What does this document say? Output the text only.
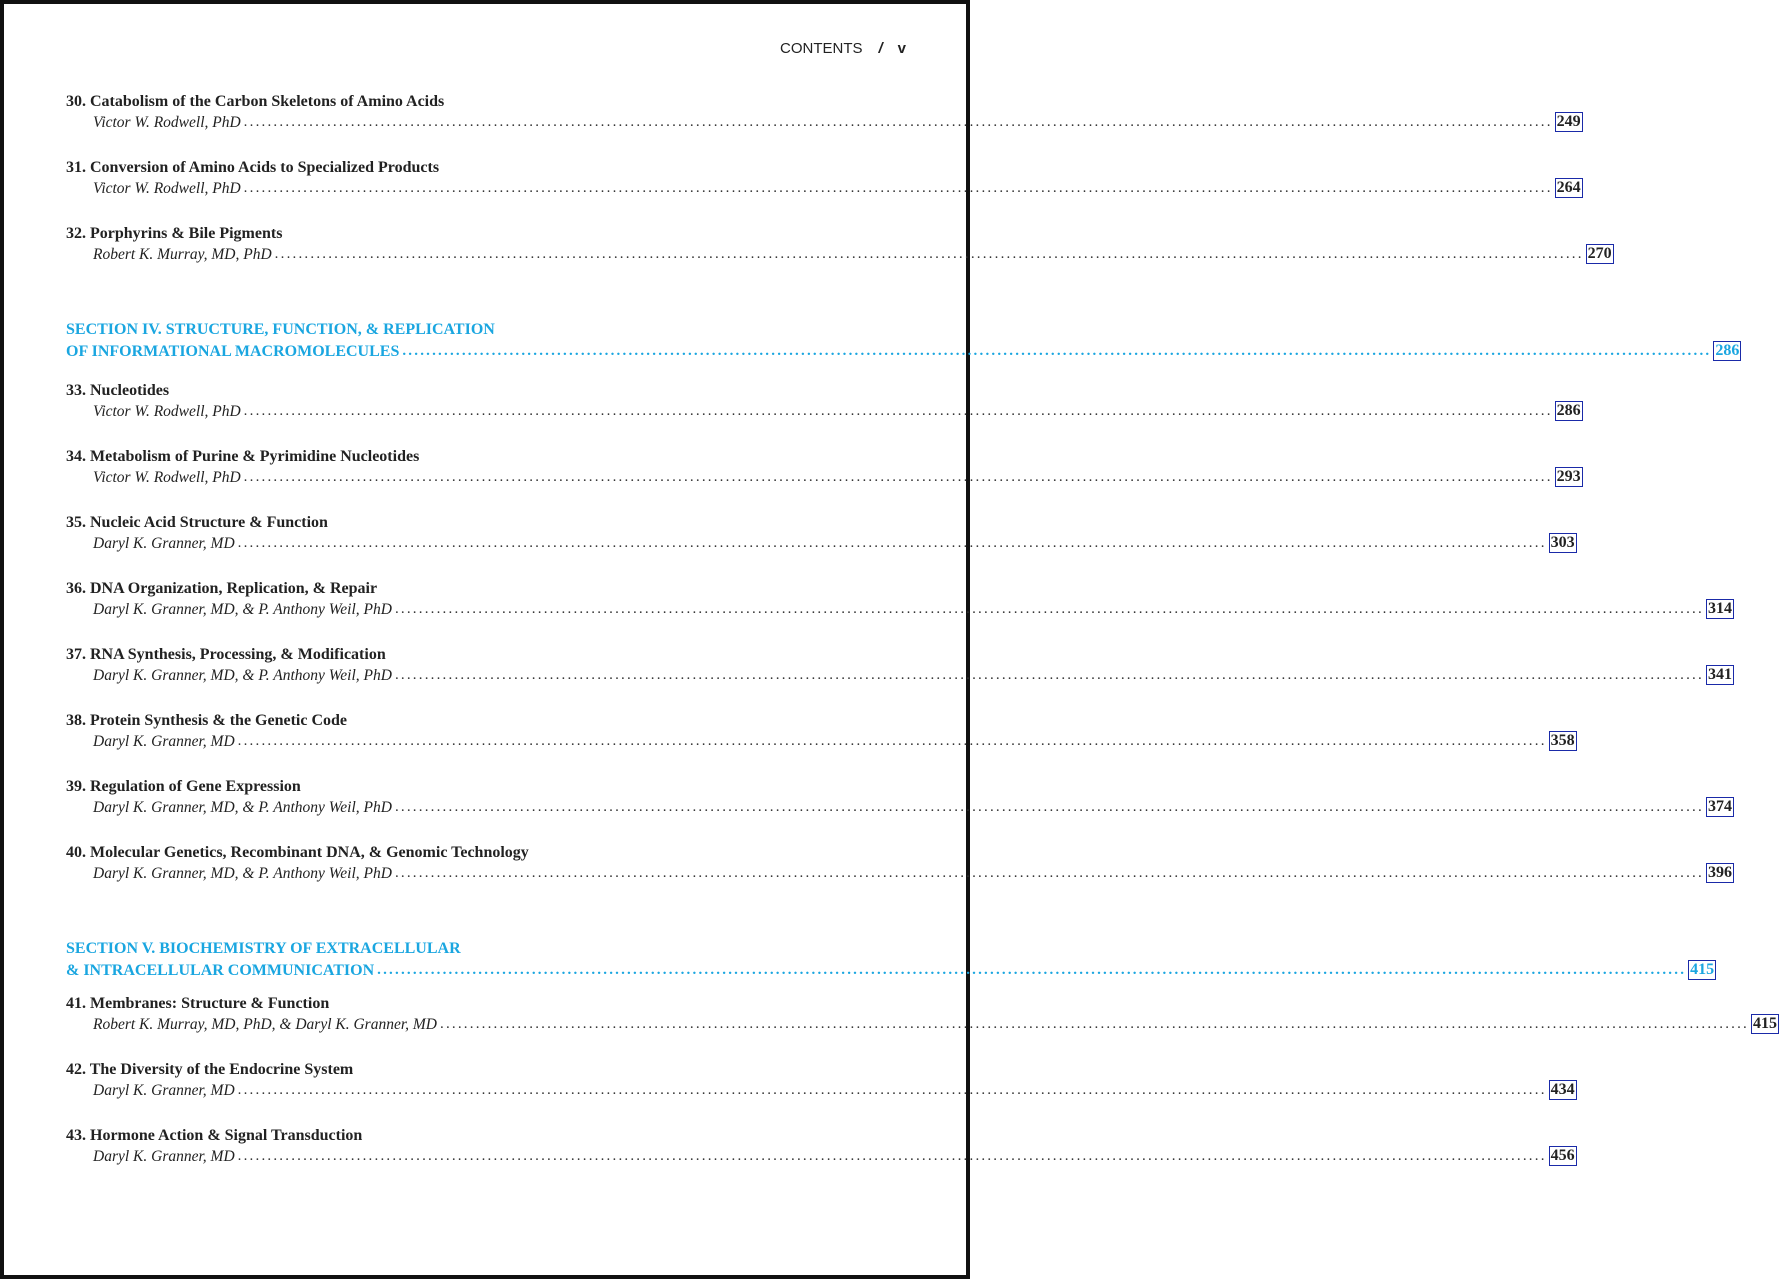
CONTENTS / v
30. Catabolism of the Carbon Skeletons of Amino Acids
Victor W. Rodwell, PhD ............................................................................................................................................................................................................................ 249
31. Conversion of Amino Acids to Specialized Products
Victor W. Rodwell, PhD ............................................................................................................................................................................................................................ 264
32. Porphyrins & Bile Pigments
Robert K. Murray, MD, PhD ............................................................................................................................................................................................................................ 270
SECTION IV. STRUCTURE, FUNCTION, & REPLICATION
OF INFORMATIONAL MACROMOLECULES ............................................................................................................................................................................................................................ 286
33. Nucleotides
Victor W. Rodwell, PhD ............................................................................................................................................................................................................................ 286
34. Metabolism of Purine & Pyrimidine Nucleotides
Victor W. Rodwell, PhD ............................................................................................................................................................................................................................ 293
35. Nucleic Acid Structure & Function
Daryl K. Granner, MD ............................................................................................................................................................................................................................ 303
36. DNA Organization, Replication, & Repair
Daryl K. Granner, MD, & P. Anthony Weil, PhD ............................................................................................................................................................................................................................ 314
37. RNA Synthesis, Processing, & Modification
Daryl K. Granner, MD, & P. Anthony Weil, PhD ............................................................................................................................................................................................................................ 341
38. Protein Synthesis & the Genetic Code
Daryl K. Granner, MD ............................................................................................................................................................................................................................ 358
39. Regulation of Gene Expression
Daryl K. Granner, MD, & P. Anthony Weil, PhD ............................................................................................................................................................................................................................ 374
40. Molecular Genetics, Recombinant DNA, & Genomic Technology
Daryl K. Granner, MD, & P. Anthony Weil, PhD ............................................................................................................................................................................................................................ 396
SECTION V. BIOCHEMISTRY OF EXTRACELLULAR
& INTRACELLULAR COMMUNICATION ............................................................................................................................................................................................................................ 415
41. Membranes: Structure & Function
Robert K. Murray, MD, PhD, & Daryl K. Granner, MD ............................................................................................................................................................................................................................ 415
42. The Diversity of the Endocrine System
Daryl K. Granner, MD ............................................................................................................................................................................................................................ 434
43. Hormone Action & Signal Transduction
Daryl K. Granner, MD ............................................................................................................................................................................................................................ 456
